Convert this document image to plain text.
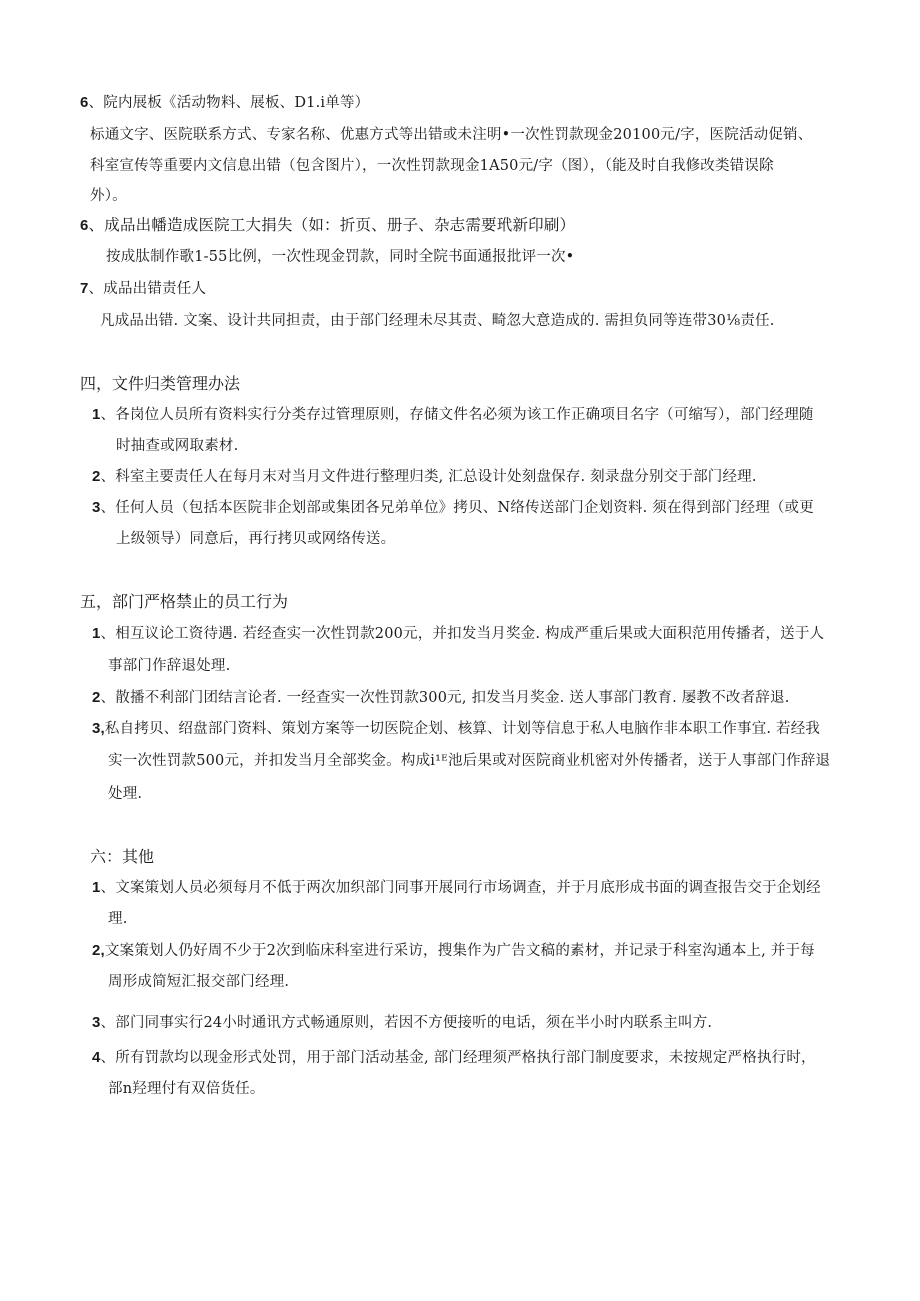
6、院内展板《活动物料、展板、D1.i单等）
标通文字、医院联系方式、专家名称、优惠方式等出错或未注明•一次性罚款现金20100元/字，医院活动促销、
科室宣传等重要内文信息出错（包含图片），一次性罚款现金1A50元/字（图），（能及时自我修改类错误除
外）。
6、成品出幡造成医院工大捐失（如：折页、册子、杂志需要玳新印刷）
按成肽制作歌1-55比例，一次性现金罚款，同时全院书面通报批评一次•
7、成品出错责任人
凡成品出错. 文案、设计共同担责，由于部门经理未尽其责、畸忽大意造成的. 需担负同等连带30⅛责任.
四，文件归类管理办法
1、各岗位人员所有资料实行分类存过管理原则，存储文件名必须为该工作正确项目名字（可缩写），部门经理随
时抽查或网取素材.
2、科室主要责任人在每月末对当月文件进行整理归类, 汇总设计处刻盘保存. 刻录盘分别交于部门经理.
3、任何人员（包括本医院非企划部或集团各兄弟单位》拷贝、N络传送部门企划资料. 须在得到部门经理（或更
上级领导）同意后，再行拷贝或网络传送。
五，部门严格禁止的员工行为
1、相互议论工资待遇. 若经查实一次性罚款200元，并扣发当月奖金. 构成严重后果或大面积范用传播者，送于人
事部门作辞退处理.
2、散播不利部门团结言论者. 一经查实一次性罚款300元, 扣发当月奖金. 送人事部门教育. 屡教不改者辞退.
3,私自拷贝、绍盘部门资料、策划方案等一切医院企划、核算、计划等信息于私人电脑作非本职工作事宜. 若经我
实一次性罚款500元，并扣发当月全部奖金。构成i¹ᴱ池后果或对医院商业机密对外传播者，送于人事部门作辞退
处理.
六：其他
1、文案策划人员必须每月不低于两次加织部门同事开展同行市场调查，并于月底形成书面的调查报告交于企划经
理.
2,文案策划人仍好周不少于2次到临床科室进行采访，搜集作为广告文稿的素材，并记录于科室沟通本上, 并于每
周形成简短汇报交部门经理.
3、部门同事实行24小时通讯方式畅通原则，若因不方便接听的电话，须在半小时内联系主叫方.
4、所有罚款均以现金形式处罚，用于部门活动基金, 部门经理须严格执行部门制度要求，未按规定严格执行时，
部n羟理付有双倍货任。
